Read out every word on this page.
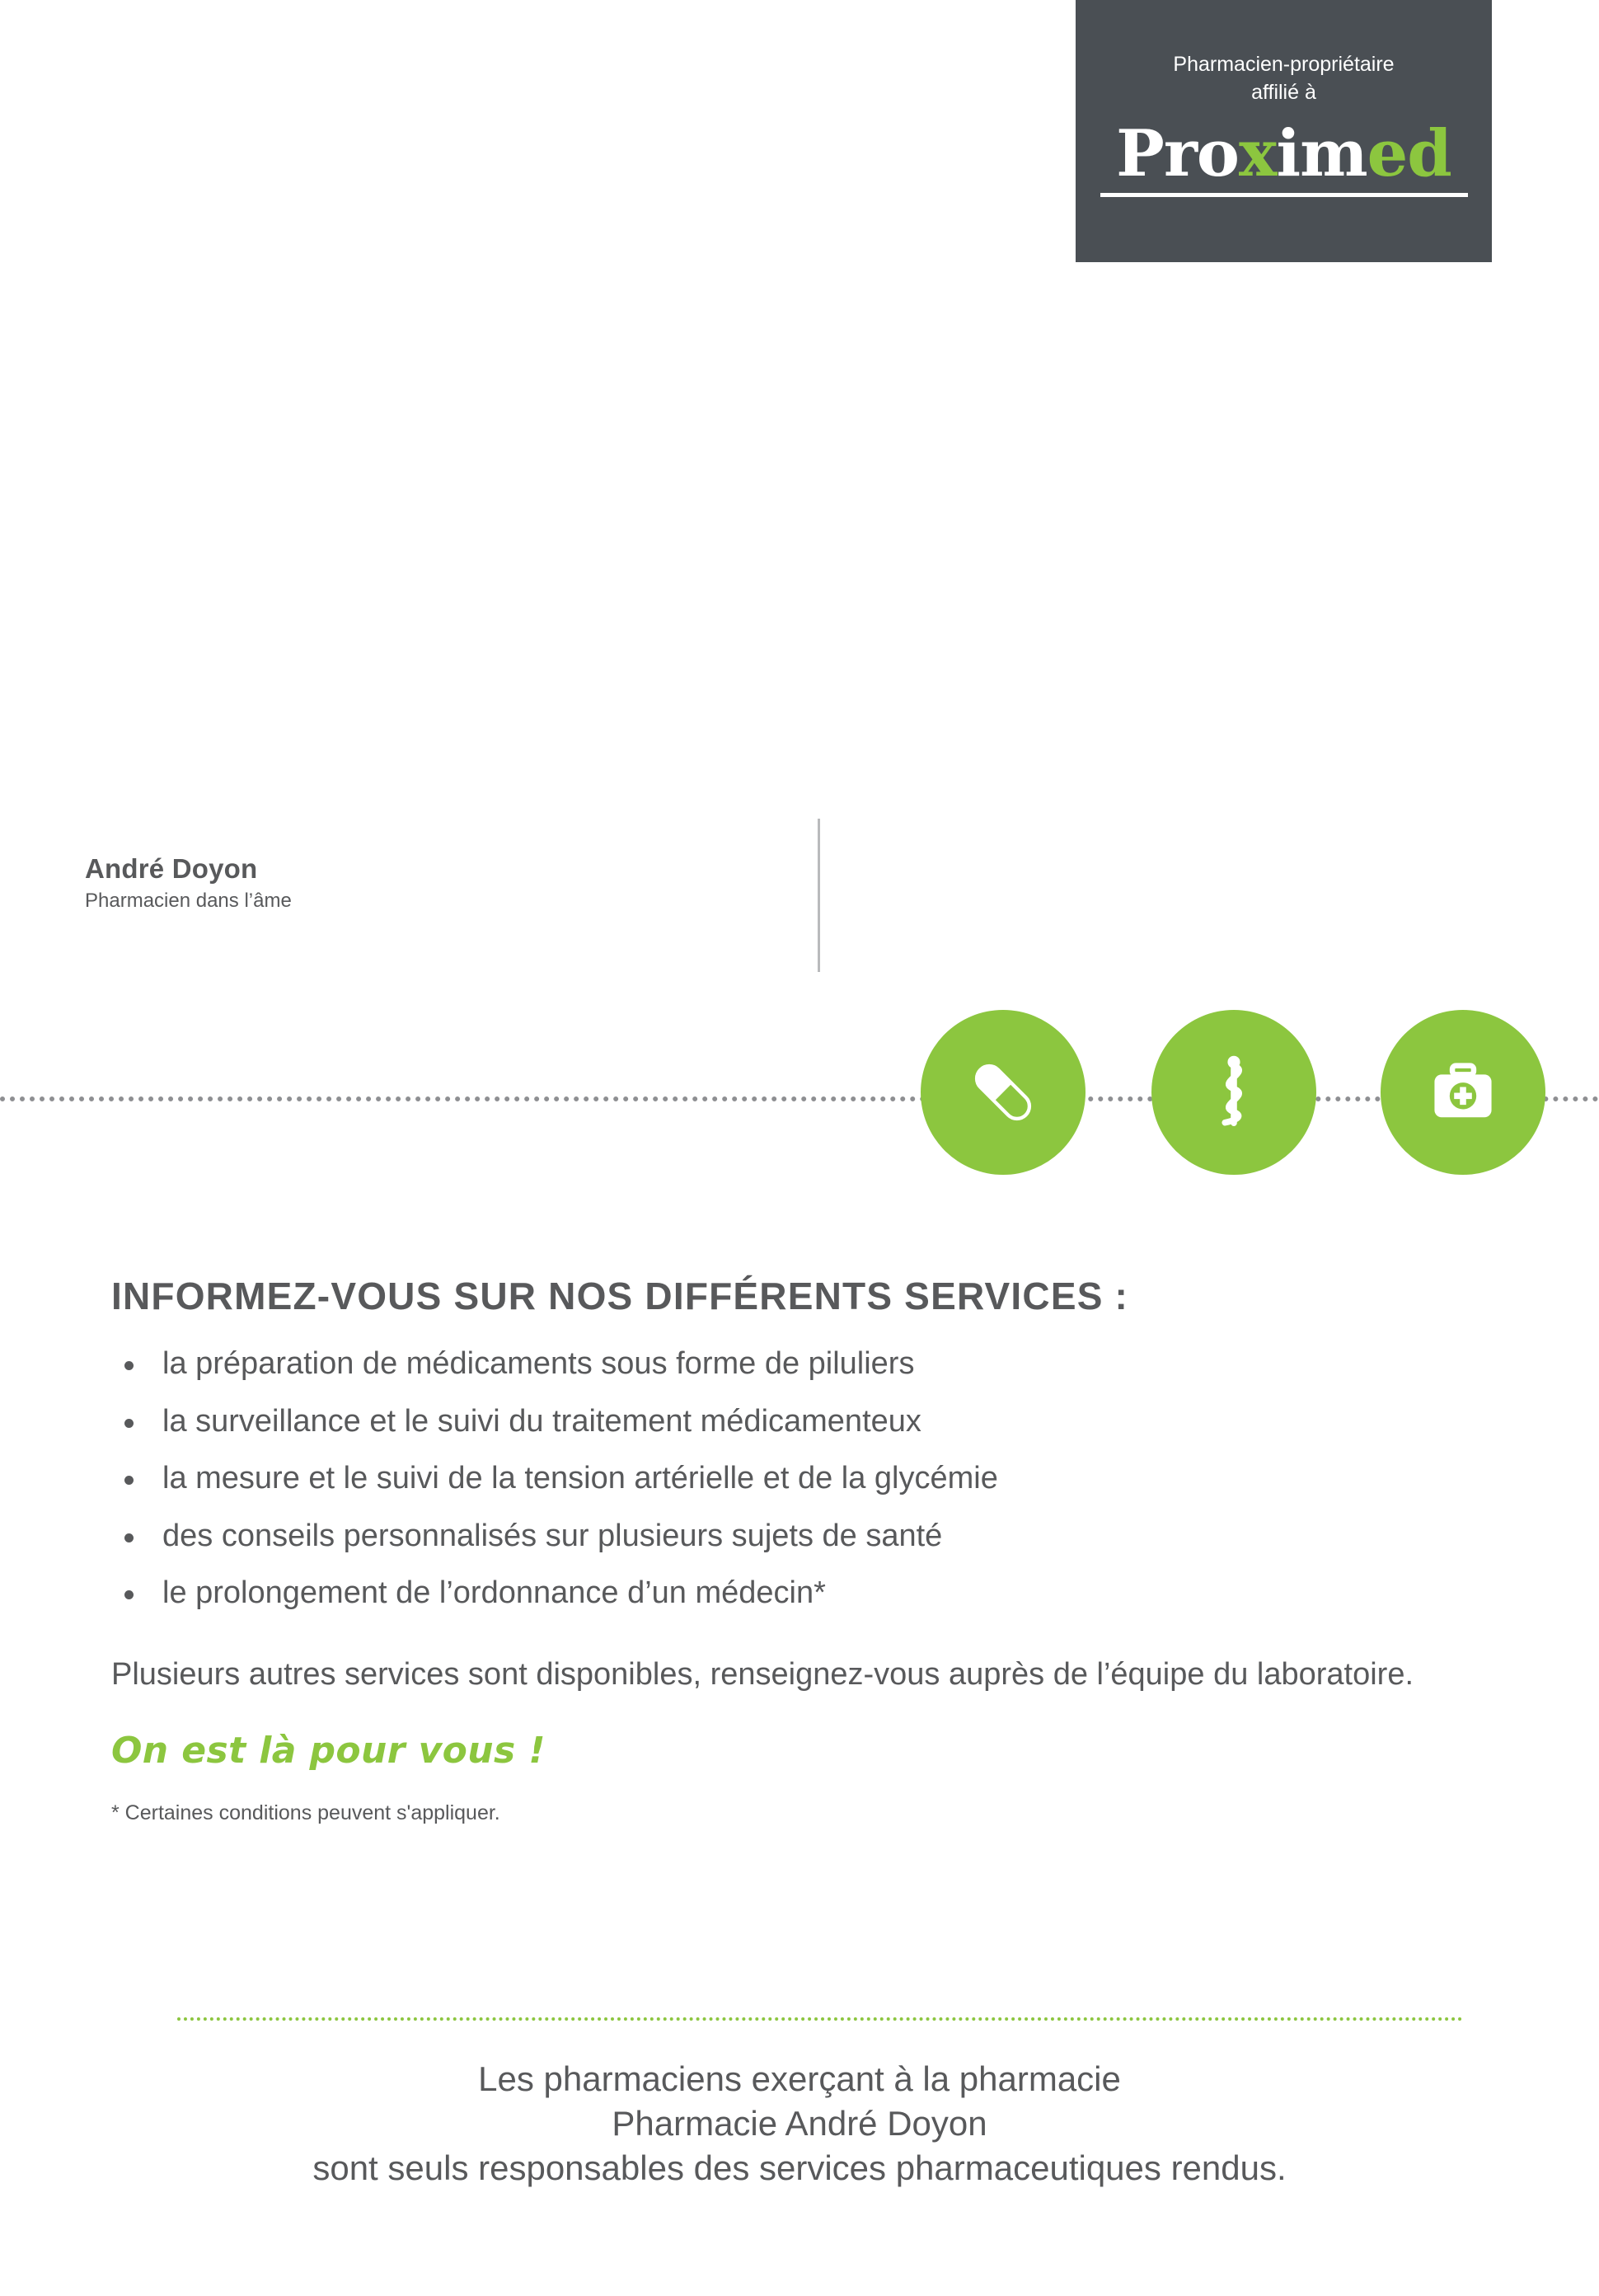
Pharmacien-propriétaire
affilié à
Proximed
André Doyon
Pharmacien dans l’âme
INFORMEZ-VOUS SUR NOS DIFFÉRENTS SERVICES :
la préparation de médicaments sous forme de piluliers
la surveillance et le suivi du traitement médicamenteux
la mesure et le suivi de la tension artérielle et de la glycémie
des conseils personnalisés sur plusieurs sujets de santé
le prolongement de l’ordonnance d’un médecin*

Plusieurs autres services sont disponibles, renseignez-vous auprès de l’équipe du laboratoire.

On est là pour vous !
* Certaines conditions peuvent s'appliquer.
Les pharmaciens exerçant à la pharmacie
Pharmacie André Doyon
sont seuls responsables des services pharmaceutiques rendus.
